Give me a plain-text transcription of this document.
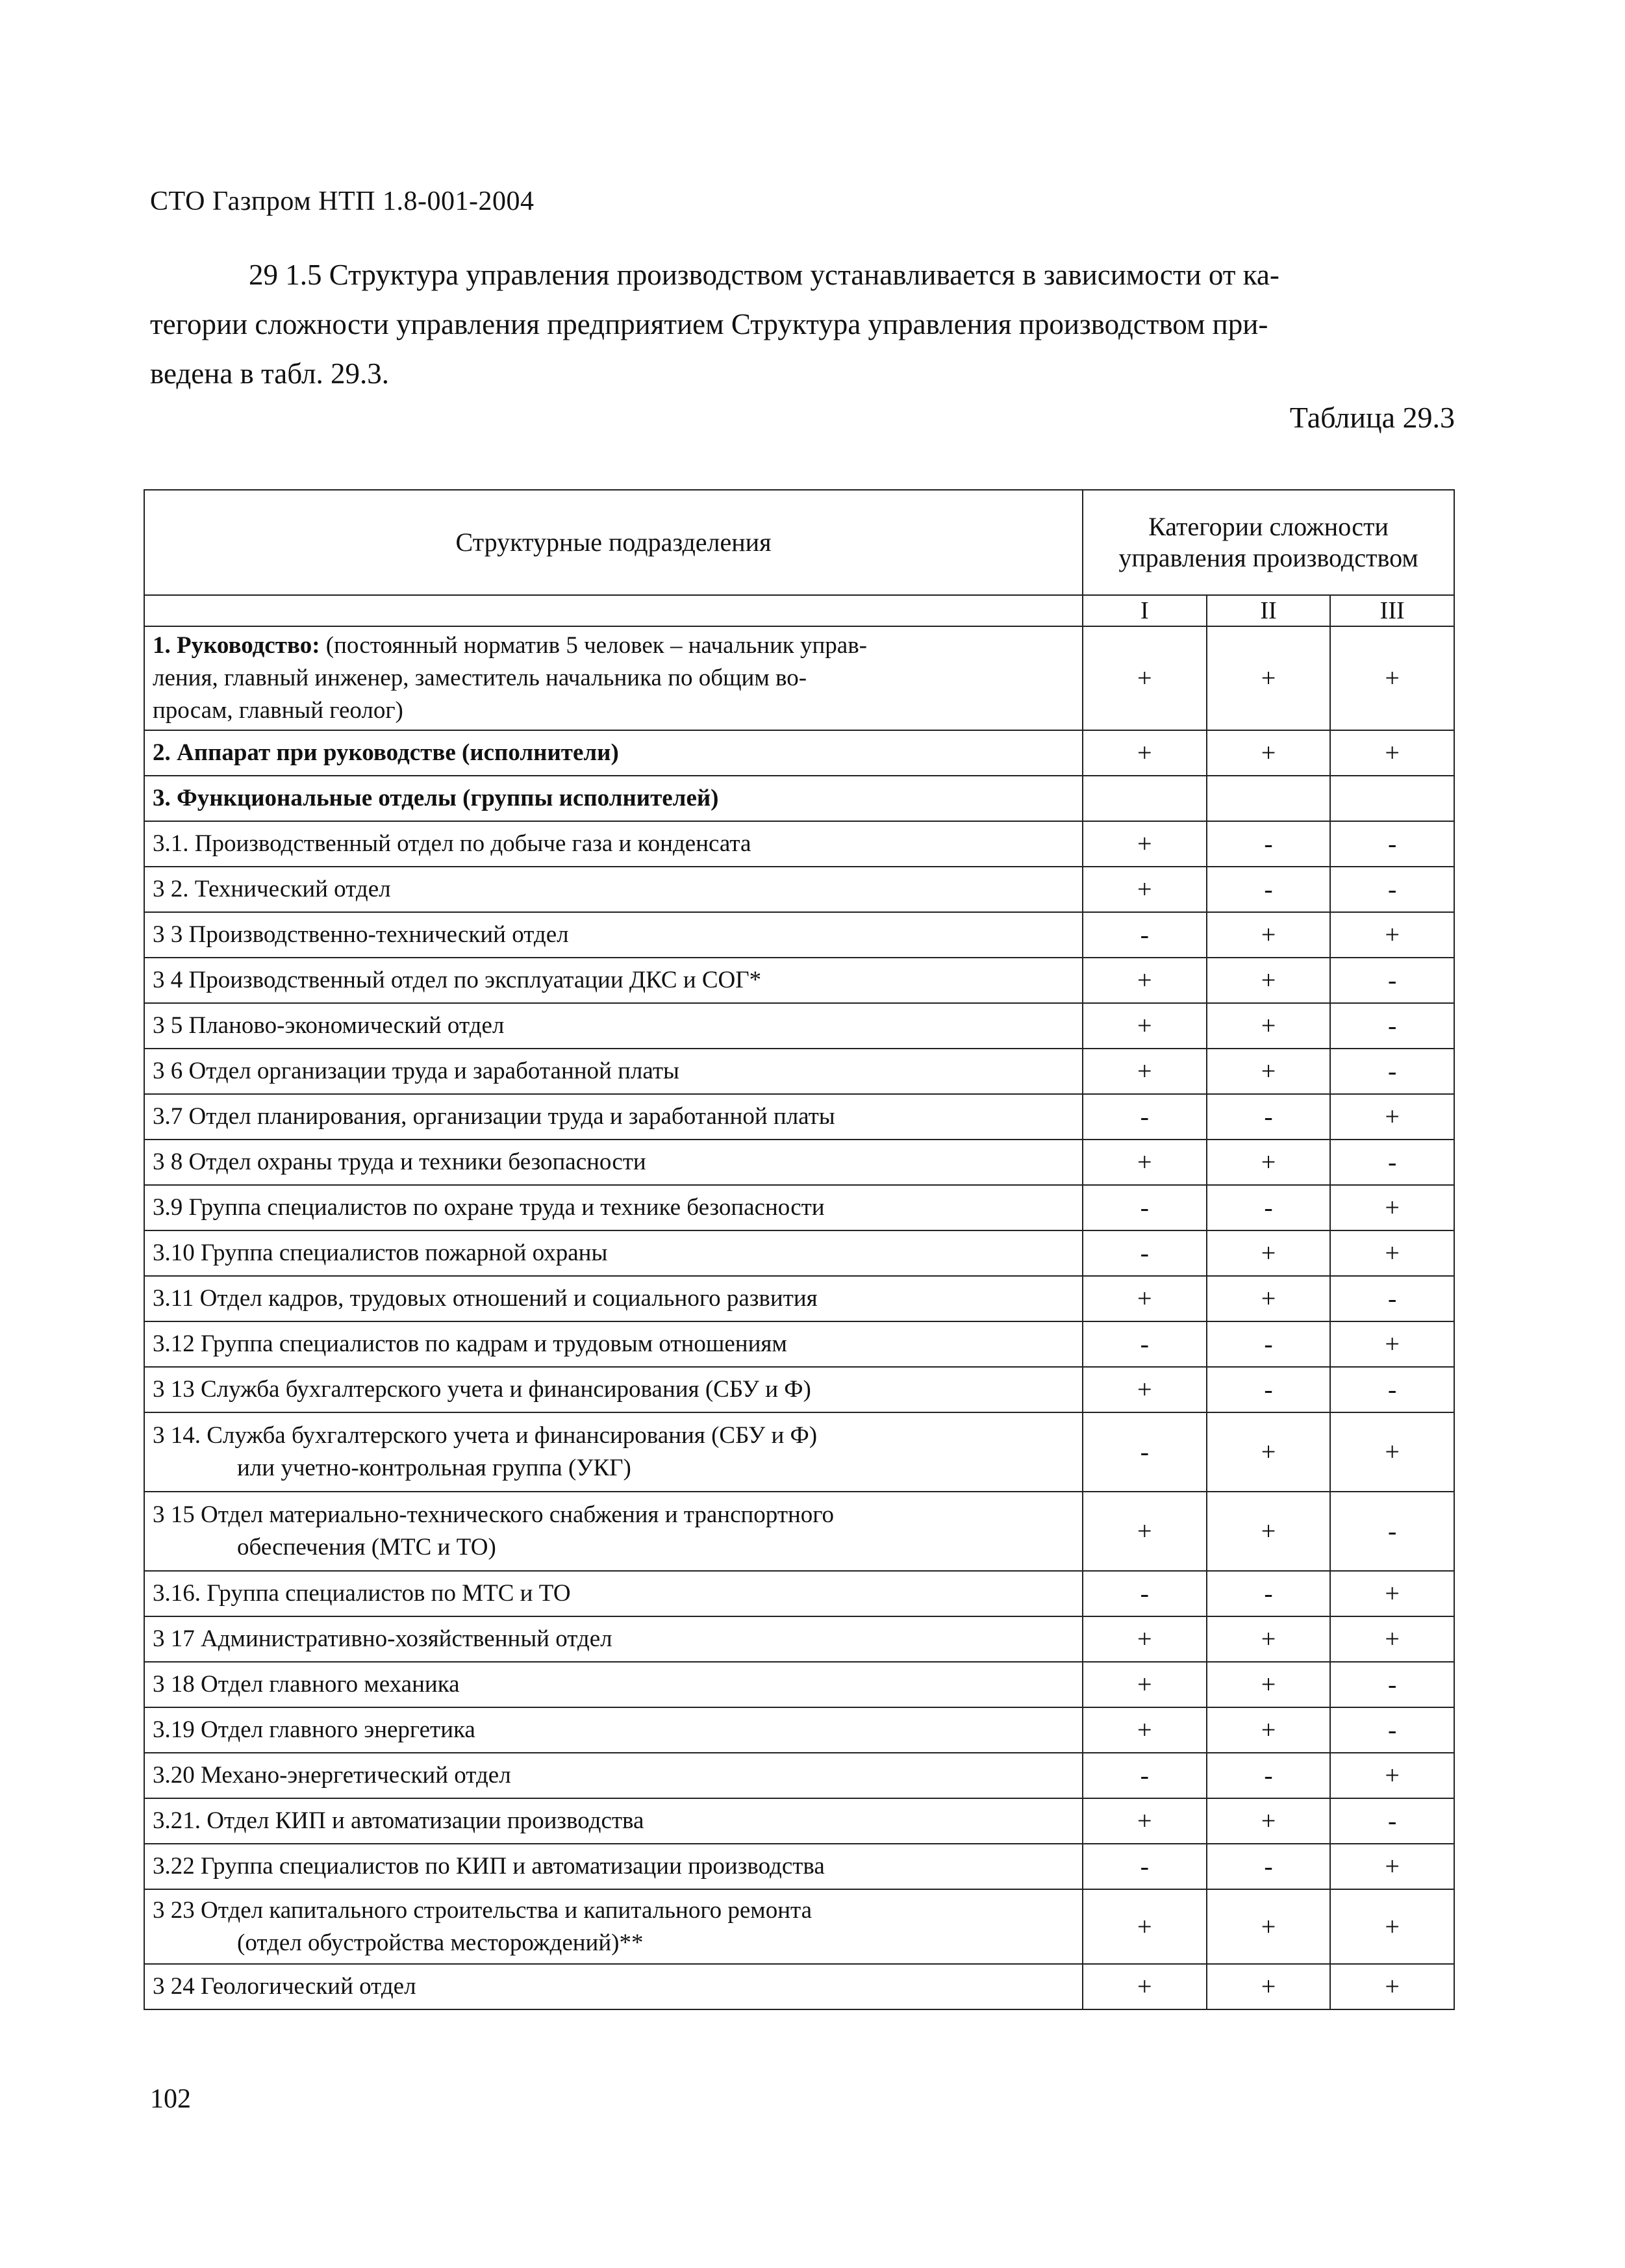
СТО Газпром НТП 1.8-001-2004

29 1.5 Структура управления производством устанавливается в зависимости от ка-
тегории сложности управления предприятием Структура управления производством при-
ведена в табл. 29.3.

Таблица 29.3
Структурные подразделения	Категории сложности управления производством		
	I	II	III

1. Руководство: (постоянный норматив 5 человек – начальник управ-
ления, главный инженер, заместитель начальника по общим во-
просам, главный геолог)	+	+	+

2. Аппарат при руководстве (исполнители)	+	+	+

3. Функциональные отделы (группы исполнителей)			

3.1. Производственный отдел по добыче газа и конденсата	+	-	-

3 2. Технический отдел	+	-	-

3 3 Производственно-технический отдел	-	+	+

3 4 Производственный отдел по эксплуатации ДКС и СОГ*	+	+	-

3 5 Планово-экономический отдел	+	+	-

3 6 Отдел организации труда и заработанной платы	+	+	-

3.7 Отдел планирования, организации труда и заработанной платы	-	-	+

3 8 Отдел охраны труда и техники безопасности	+	+	-

3.9 Группа специалистов по охране труда и технике безопасности	-	-	+

3.10 Группа специалистов пожарной охраны	-	+	+

3.11 Отдел кадров, трудовых отношений и социального развития	+	+	-

3.12 Группа специалистов по кадрам и трудовым отношениям	-	-	+

3 13 Служба бухгалтерского учета и финансирования (СБУ и Ф)	+	-	-

3 14. Служба бухгалтерского учета и финансирования (СБУ и Ф)
или учетно-контрольная группа (УКГ)	-	+	+

3 15 Отдел материально-технического снабжения и транспортного
обеспечения (МТС и ТО)	+	+	-

3.16. Группа специалистов по МТС и ТО	-	-	+

3 17 Административно-хозяйственный отдел	+	+	+

3 18 Отдел главного механика	+	+	-

3.19 Отдел главного энергетика	+	+	-

3.20 Механо-энергетический отдел	-	-	+

3.21. Отдел КИП и автоматизации производства	+	+	-

3.22 Группа специалистов по КИП и автоматизации производства	-	-	+

3 23 Отдел капитального строительства и капитального ремонта
(отдел обустройства месторождений)**	+	+	+

3 24 Геологический отдел	+	+	+
102
